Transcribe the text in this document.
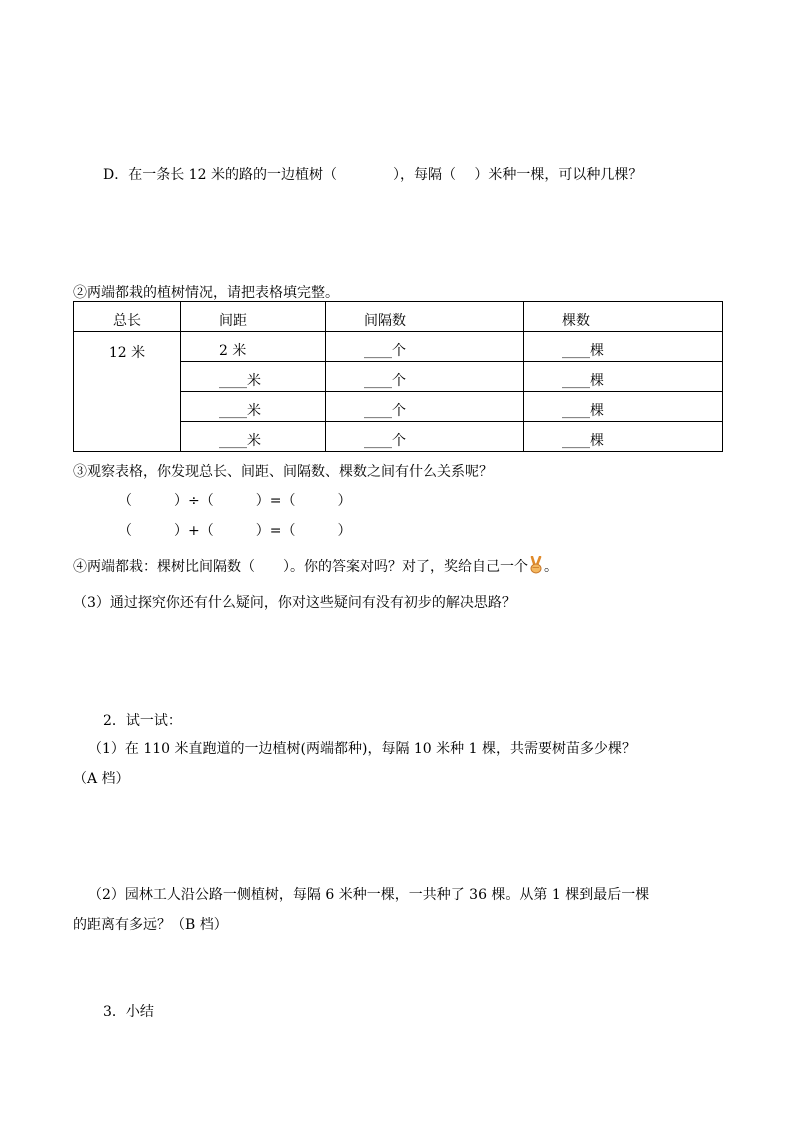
D．在一条长 12 米的路的一边植树（　　　　），每隔（　 ）米种一棵，可以种几棵？
②两端都栽的植树情况，请把表格填完整。
总长	间距	间隔数	棵数
12 米	2 米	____个	____棵
	____米	____个	____棵
	____米	____个	____棵
	____米	____个	____棵
③观察表格，你发现总长、间距、间隔数、棵数之间有什么关系呢？
（　　　）÷（　　　）=（　　　）
（　　　）+（　　　）=（　　　）
④两端都栽：棵树比间隔数（　　）。你的答案对吗？对了，奖给自己一个 。
（3）通过探究你还有什么疑问，你对这些疑问有没有初步的解决思路？
2．试一试：
（1）在 110 米直跑道的一边植树(两端都种)，每隔 10 米种 1 棵，共需要树苗多少棵？
（A 档）
（2）园林工人沿公路一侧植树，每隔 6 米种一棵，一共种了 36 棵。从第 1 棵到最后一棵
的距离有多远？（B 档）
3．小结
